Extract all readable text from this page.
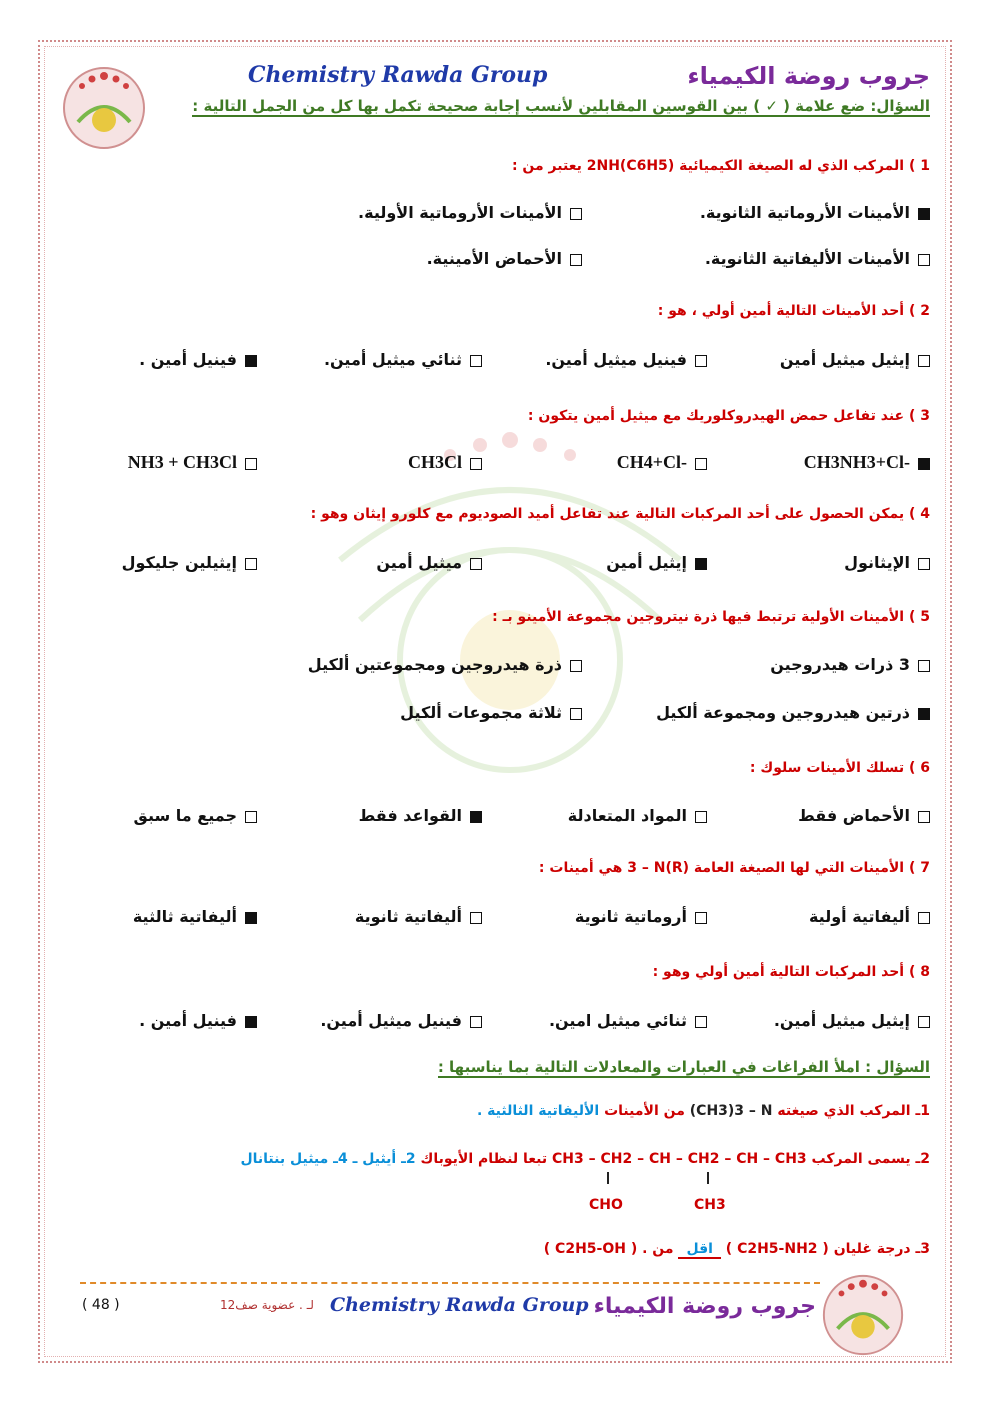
جروب روضة الكيمياء
Chemistry Rawda Group
السؤال: ضع علامة ( ✓ ) بين القوسين المقابلين لأنسب إجابة صحيحة تكمل بها كل من الجمل التالية :
1 ) المركب الذي له الصيغة الكيميائية (C6H5)2NH يعتبر من :
الأمينات الأروماتية الثانوية.
الأمينات الأروماتية الأولية.
الأمينات الأليفاتية الثانوية.
الأحماض الأمينية.
2 ) أحد الأمينات التالية أمين أولي ، هو :
إيثيل ميثيل أمين
فينيل ميثيل أمين.
ثنائي ميثيل أمين.
فينيل أمين .
3 ) عند تفاعل حمض الهيدروكلوريك مع ميثيل أمين يتكون :
CH3NH3+Cl-
CH4+Cl-
CH3Cl
NH3 + CH3Cl
4 ) يمكن الحصول على أحد المركبات التالية عند تفاعل أميد الصوديوم مع كلورو إيثان وهو :
الإيثانول
إيثيل أمين
ميثيل أمين
إيثيلين جليكول
5 ) الأمينات الأولية ترتبط فيها ذرة نيتروجين مجموعة الأمينو بـ :
3 ذرات هيدروجين
ذرة هيدروجين ومجموعتين ألكيل
ذرتين هيدروجين ومجموعة ألكيل
ثلاثة مجموعات ألكيل
6 ) تسلك الأمينات سلوك :
الأحماض فقط
المواد المتعادلة
القواعد فقط
جميع ما سبق
7 ) الأمينات التي لها الصيغة العامة (R)3 – N هي أمينات :
أليفاتية أولية
أروماتية ثانوية
أليفاتية ثانوية
أليفاتية ثالثية
8 ) أحد المركبات التالية أمين أولي وهو :
إيثيل ميثيل أمين.
ثنائي ميثيل امين.
فينيل ميثيل أمين.
فينيل أمين .
السؤال : املأ الفراغات في العبارات والمعادلات التالية بما يناسبها :
1ـ المركب الذي صيغته (CH3)3 – N من الأمينات الأليفاتية الثالثية .
2ـ يسمى المركب CH3 – CH2 – CH – CH2 – CH – CH3 تبعا لنظام الأيوباك 2ـ أيثيل ـ 4ـ ميثيل بنتانال
CHO	CH3
3ـ درجة غليان ( C2H5-NH2 ) اقل من ( C2H5-OH ) .
جروب روضة الكيمياء
Chemistry Rawda Group
لـ . عضوية صف12
( 48 )
